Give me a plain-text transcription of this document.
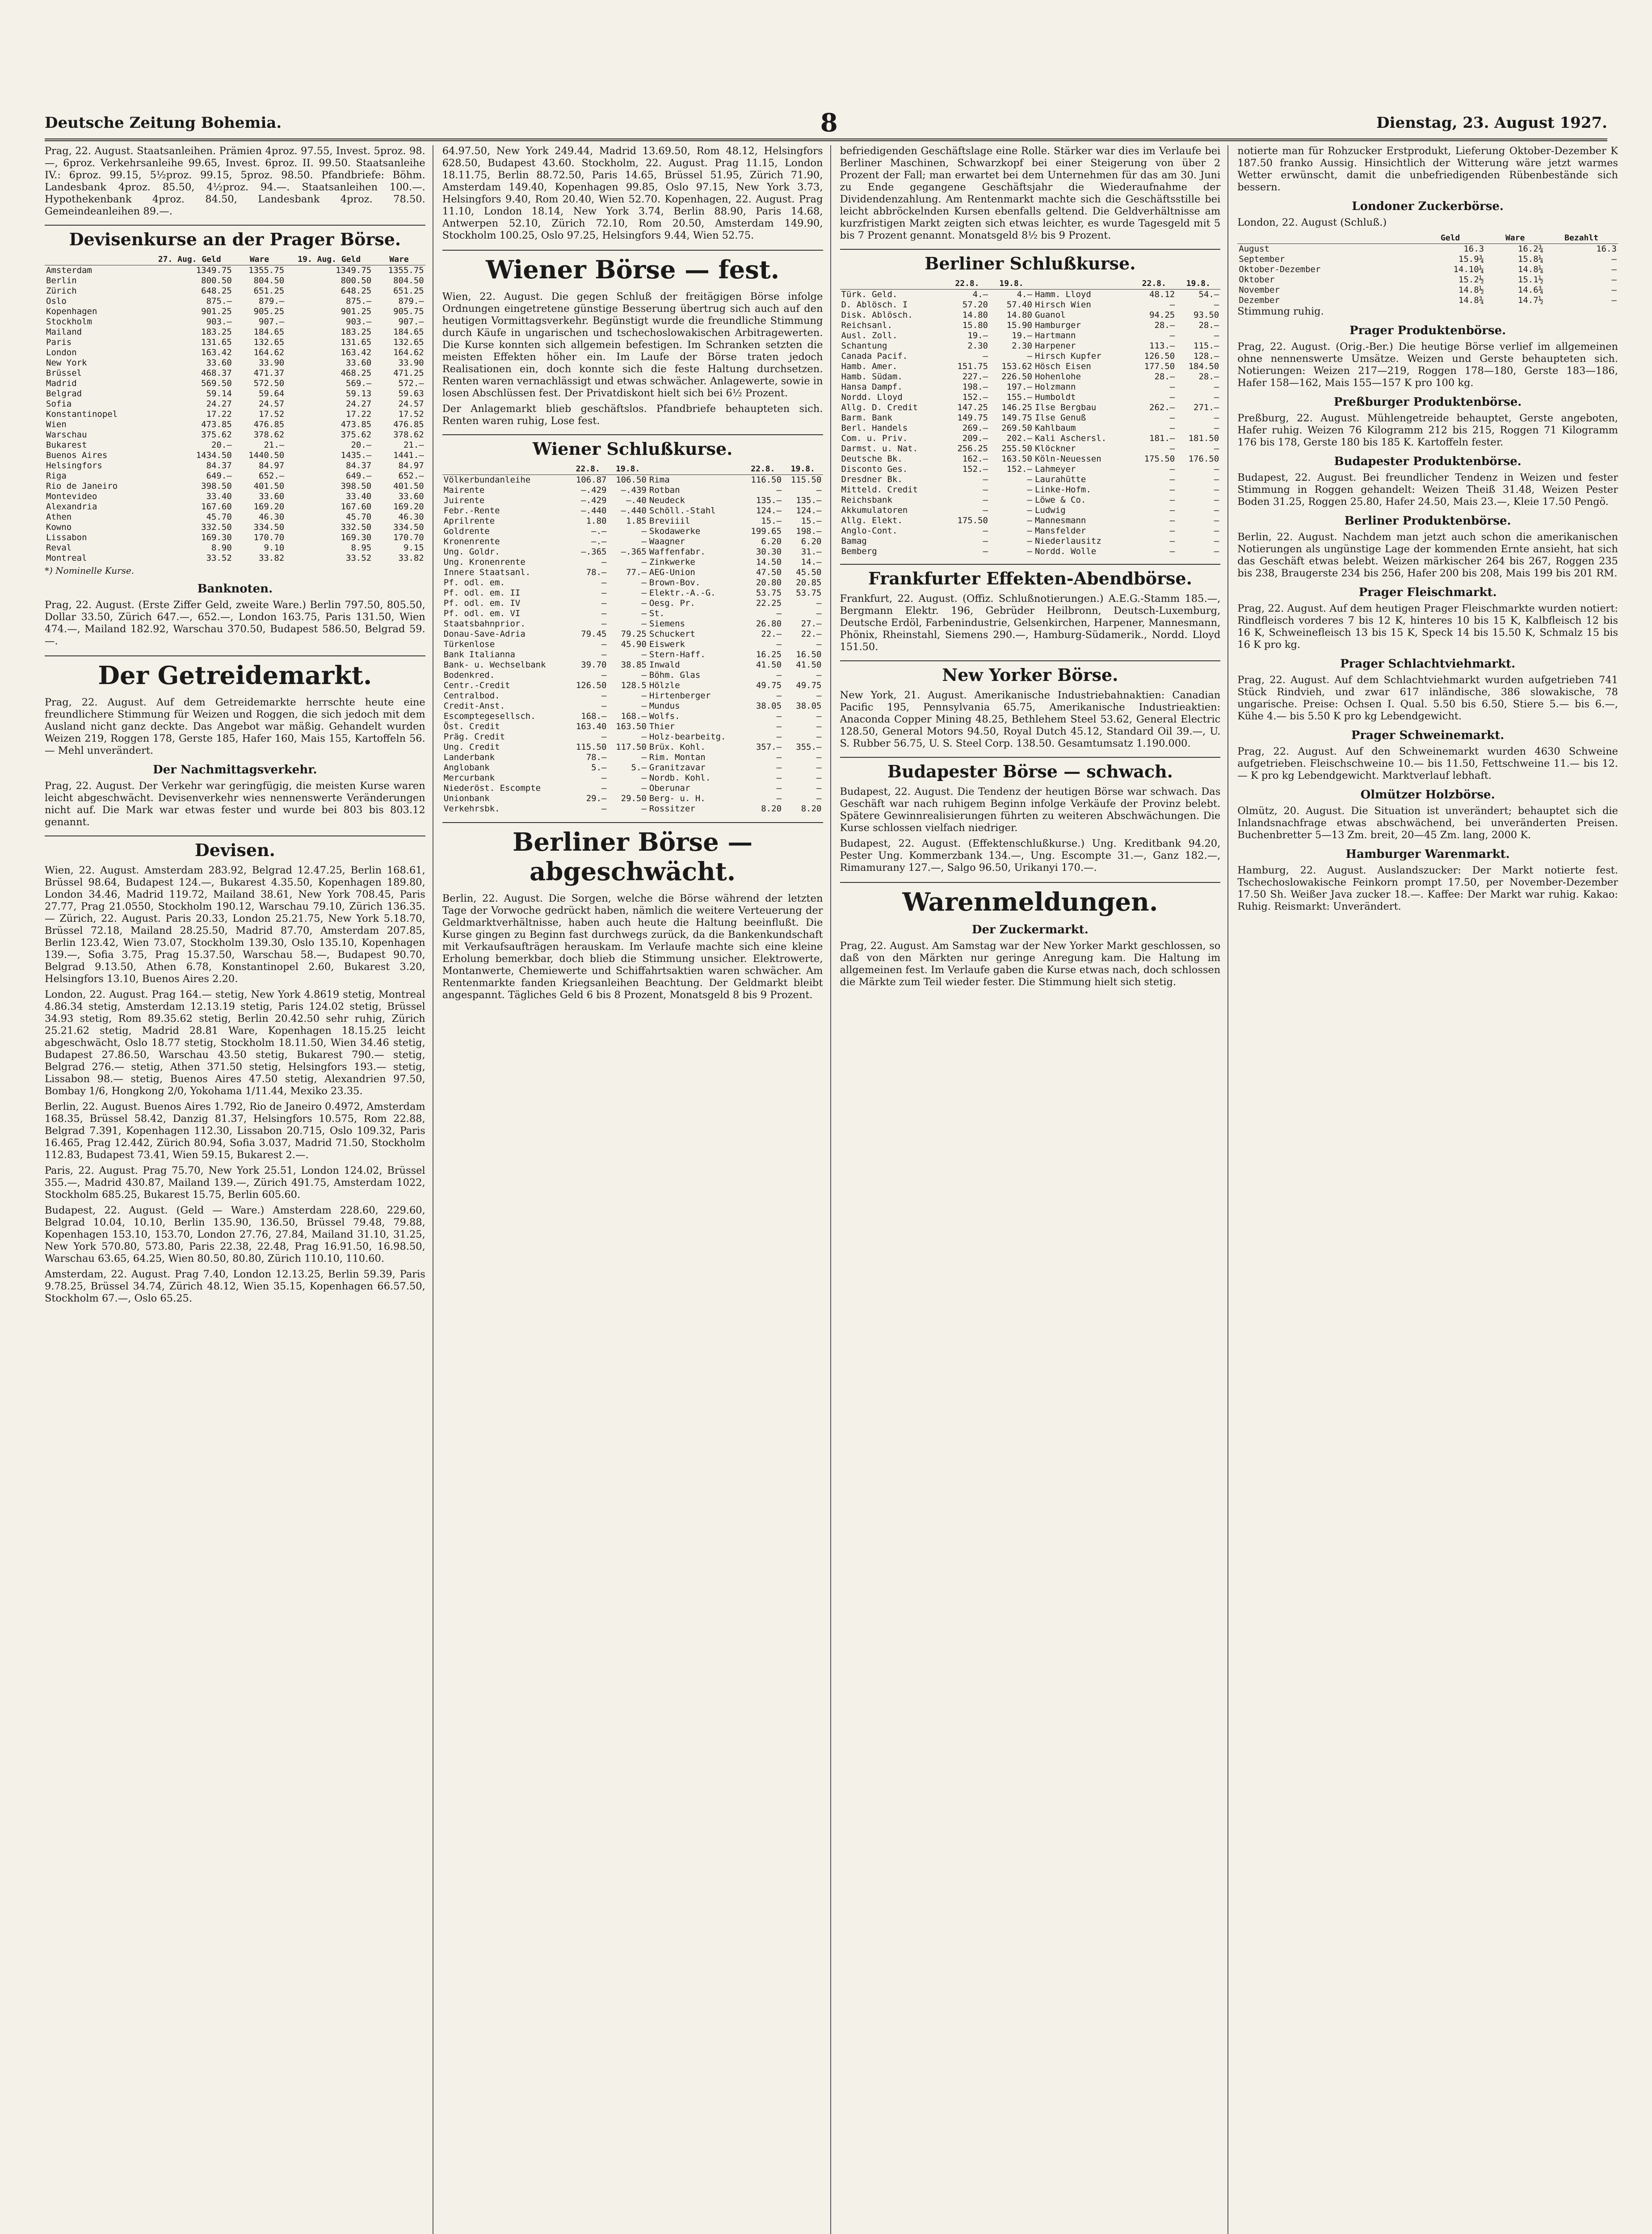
Deutsche Zeitung Bohemia.	8	Dienstag, 23. August 1927.

Prag, 22. August. Staatsanleihen. Prämien 4proz. 97.55, Invest. 5proz. 98.—, 6proz. Verkehrsanleihe 99.65, Invest. 6proz. II. 99.50. Staatsanleihe IV.: 6proz. 99.15, 5½proz. 99.15, 5proz. 98.50. Pfandbriefe: Böhm. Landesbank 4proz. 85.50, 4½proz. 94.—. Staatsanleihen 100.—. Hypothekenbank 4proz. 84.50, Landesbank 4proz. 78.50. Gemeindeanleihen 89.—.

Devisenkurse an der Prager Börse.
	27. Aug. Geld	Ware	19. Aug. Geld	Ware
Amsterdam	1349.75	1355.75	1349.75	1355.75
Berlin	800.50	804.50	800.50	804.50
Zürich	648.25	651.25	648.25	651.25
Oslo	875.—	879.—	875.—	879.—
Kopenhagen	901.25	905.25	901.25	905.75
Stockholm	903.—	907.—	903.—	907.—
Mailand	183.25	184.65	183.25	184.65
Paris	131.65	132.65	131.65	132.65
London	163.42	164.62	163.42	164.62
New York	33.60	33.90	33.60	33.90
Brüssel	468.37	471.37	468.25	471.25
Madrid	569.50	572.50	569.—	572.—
Belgrad	59.14	59.64	59.13	59.63
Sofia	24.27	24.57	24.27	24.57
Konstantinopel	17.22	17.52	17.22	17.52
Wien	473.85	476.85	473.85	476.85
Warschau	375.62	378.62	375.62	378.62
Bukarest	20.—	21.—	20.—	21.—
Buenos Aires	1434.50	1440.50	1435.—	1441.—
Helsingfors	84.37	84.97	84.37	84.97
Riga	649.—	652.—	649.—	652.—
Rio de Janeiro	398.50	401.50	398.50	401.50
Montevideo	33.40	33.60	33.40	33.60
Alexandria	167.60	169.20	167.60	169.20
Athen	45.70	46.30	45.70	46.30
Kowno	332.50	334.50	332.50	334.50
Lissabon	169.30	170.70	169.30	170.70
Reval	8.90	9.10	8.95	9.15
Montreal	33.52	33.82	33.52	33.82
*) Nominelle Kurse.
Banknoten.

Prag, 22. August. (Erste Ziffer Geld, zweite Ware.) Berlin 797.50, 805.50, Dollar 33.50, Zürich 647.—, 652.—, London 163.75, Paris 131.50, Wien 474.—, Mailand 182.92, Warschau 370.50, Budapest 586.50, Belgrad 59.—.

Der Getreidemarkt.

Prag, 22. August. Auf dem Getreidemarkte herrschte heute eine freundlichere Stimmung für Weizen und Roggen, die sich jedoch mit dem Ausland nicht ganz deckte. Das Angebot war mäßig. Gehandelt wurden Weizen 219, Roggen 178, Gerste 185, Hafer 160, Mais 155, Kartoffeln 56. — Mehl unverändert.

Der Nachmittagsverkehr.

Prag, 22. August. Der Verkehr war geringfügig, die meisten Kurse waren leicht abgeschwächt. Devisenverkehr wies nennenswerte Veränderungen nicht auf. Die Mark war etwas fester und wurde bei 803 bis 803.12 genannt.

Devisen.

Wien, 22. August. Amsterdam 283.92, Belgrad 12.47.25, Berlin 168.61, Brüssel 98.64, Budapest 124.—, Bukarest 4.35.50, Kopenhagen 189.80, London 34.46, Madrid 119.72, Mailand 38.61, New York 708.45, Paris 27.77, Prag 21.0550, Stockholm 190.12, Warschau 79.10, Zürich 136.35. — Zürich, 22. August. Paris 20.33, London 25.21.75, New York 5.18.70, Brüssel 72.18, Mailand 28.25.50, Madrid 87.70, Amsterdam 207.85, Berlin 123.42, Wien 73.07, Stockholm 139.30, Oslo 135.10, Kopenhagen 139.—, Sofia 3.75, Prag 15.37.50, Warschau 58.—, Budapest 90.70, Belgrad 9.13.50, Athen 6.78, Konstantinopel 2.60, Bukarest 3.20, Helsingfors 13.10, Buenos Aires 2.20.

London, 22. August. Prag 164.— stetig, New York 4.8619 stetig, Montreal 4.86.34 stetig, Amsterdam 12.13.19 stetig, Paris 124.02 stetig, Brüssel 34.93 stetig, Rom 89.35.62 stetig, Berlin 20.42.50 sehr ruhig, Zürich 25.21.62 stetig, Madrid 28.81 Ware, Kopenhagen 18.15.25 leicht abgeschwächt, Oslo 18.77 stetig, Stockholm 18.11.50, Wien 34.46 stetig, Budapest 27.86.50, Warschau 43.50 stetig, Bukarest 790.— stetig, Belgrad 276.— stetig, Athen 371.50 stetig, Helsingfors 193.— stetig, Lissabon 98.— stetig, Buenos Aires 47.50 stetig, Alexandrien 97.50, Bombay 1/6, Hongkong 2/0, Yokohama 1/11.44, Mexiko 23.35.

Berlin, 22. August. Buenos Aires 1.792, Rio de Janeiro 0.4972, Amsterdam 168.35, Brüssel 58.42, Danzig 81.37, Helsingfors 10.575, Rom 22.88, Belgrad 7.391, Kopenhagen 112.30, Lissabon 20.715, Oslo 109.32, Paris 16.465, Prag 12.442, Zürich 80.94, Sofia 3.037, Madrid 71.50, Stockholm 112.83, Budapest 73.41, Wien 59.15, Bukarest 2.—.

Paris, 22. August. Prag 75.70, New York 25.51, London 124.02, Brüssel 355.—, Madrid 430.87, Mailand 139.—, Zürich 491.75, Amsterdam 1022, Stockholm 685.25, Bukarest 15.75, Berlin 605.60.

Budapest, 22. August. (Geld — Ware.) Amsterdam 228.60, 229.60, Belgrad 10.04, 10.10, Berlin 135.90, 136.50, Brüssel 79.48, 79.88, Kopenhagen 153.10, 153.70, London 27.76, 27.84, Mailand 31.10, 31.25, New York 570.80, 573.80, Paris 22.38, 22.48, Prag 16.91.50, 16.98.50, Warschau 63.65, 64.25, Wien 80.50, 80.80, Zürich 110.10, 110.60.

Amsterdam, 22. August. Prag 7.40, London 12.13.25, Berlin 59.39, Paris 9.78.25, Brüssel 34.74, Zürich 48.12, Wien 35.15, Kopenhagen 66.57.50, Stockholm 67.—, Oslo 65.25.

64.97.50, New York 249.44, Madrid 13.69.50, Rom 48.12, Helsingfors 628.50, Budapest 43.60. Stockholm, 22. August. Prag 11.15, London 18.11.75, Berlin 88.72.50, Paris 14.65, Brüssel 51.95, Zürich 71.90, Amsterdam 149.40, Kopenhagen 99.85, Oslo 97.15, New York 3.73, Helsingfors 9.40, Rom 20.40, Wien 52.70. Kopenhagen, 22. August. Prag 11.10, London 18.14, New York 3.74, Berlin 88.90, Paris 14.68, Antwerpen 52.10, Zürich 72.10, Rom 20.50, Amsterdam 149.90, Stockholm 100.25, Oslo 97.25, Helsingfors 9.44, Wien 52.75.

Wiener Börse — fest.

Wien, 22. August. Die gegen Schluß der freitägigen Börse infolge Ordnungen eingetretene günstige Besserung übertrug sich auch auf den heutigen Vormittagsverkehr. Begünstigt wurde die freundliche Stimmung durch Käufe in ungarischen und tschechoslowakischen Arbitragewerten. Die Kurse konnten sich allgemein befestigen. Im Schranken setzten die meisten Effekten höher ein. Im Laufe der Börse traten jedoch Realisationen ein, doch konnte sich die feste Haltung durchsetzen. Renten waren vernachlässigt und etwas schwächer. Anlagewerte, sowie in losen Abschlüssen fest. Der Privatdiskont hielt sich bei 6½ Prozent.

Der Anlagemarkt blieb geschäftslos. Pfandbriefe behaupteten sich. Renten waren ruhig, Lose fest.

Wiener Schlußkurse.
	22.8.	19.8.		22.8.	19.8.
Völkerbundanleihe	106.87	106.50	Rima	116.50	115.50
Mairente	—.429	—.439	Rotban	—	—
Juirente	—.429	—.40	Neudeck	135.—	135.—
Febr.-Rente	—.440	—.440	Schöll.-Stahl	124.—	124.—
Aprilrente	1.80	1.85	Breviiil	15.—	15.—
Goldrente	—.—	—	Skodawerke	199.65	198.—
Kronenrente	—.—	—	Waagner	6.20	6.20
Ung. Goldr.	—.365	—.365	Waffenfabr.	30.30	31.—
Ung. Kronenrente	—	—	Zinkwerke	14.50	14.—
Innere Staatsanl.	78.—	77.—	AEG-Union	47.50	45.50
Pf. odl. em.	—	—	Brown-Bov.	20.80	20.85
Pf. odl. em. II	—	—	Elektr.-A.-G.	53.75	53.75
Pf. odl. em. IV	—	—	Oesg. Pr.	22.25	—
Pf. odl. em. VI	—	—	St.	—	—
Staatsbahnprior.	—	—	Siemens	26.80	27.—
Donau-Save-Adria	79.45	79.25	Schuckert	22.—	22.—
Türkenlose	—	45.90	Eiswerk	—	—
Bank Italianna	—	—	Stern-Haff.	16.25	16.50
Bank- u. Wechselbank	39.70	38.85	Inwald	41.50	41.50
Bodenkred.	—	—	Böhm. Glas	—	—
Centr.-Credit	126.50	128.5	Hölzle	49.75	49.75
Centralbod.	—	—	Hirtenberger	—	—
Credit-Anst.	—	—	Mundus	38.05	38.05
Escomptegesellsch.	168.—	168.—	Wolfs.	—	—
Öst. Credit	163.40	163.50	Thier	—	—
Präg. Credit	—	—	Holz-bearbeitg.	—	—
Ung. Credit	115.50	117.50	Brüx. Kohl.	357.—	355.—
Landerbank	78.—	—	Rim. Montan	—	—
Anglobank	5.—	5.—	Granitzavar	—	—
Mercurbank	—	—	Nordb. Kohl.	—	—
Niederöst. Escompte	—	—	Oberunar	—	—
Unionbank	29.—	29.50	Berg- u. H.	—	—
Verkehrsbk.	—	—	Rossitzer	8.20	8.20
Berliner Börse — abgeschwächt.

Berlin, 22. August. Die Sorgen, welche die Börse während der letzten Tage der Vorwoche gedrückt haben, nämlich die weitere Verteuerung der Geldmarktverhältnisse, haben auch heute die Haltung beeinflußt. Die Kurse gingen zu Beginn fast durchwegs zurück, da die Bankenkundschaft mit Verkaufsaufträgen herauskam. Im Verlaufe machte sich eine kleine Erholung bemerkbar, doch blieb die Stimmung unsicher. Elektrowerte, Montanwerte, Chemiewerte und Schiffahrtsaktien waren schwächer. Am Rentenmarkte fanden Kriegsanleihen Beachtung. Der Geldmarkt bleibt angespannt. Tägliches Geld 6 bis 8 Prozent, Monatsgeld 8 bis 9 Prozent.

befriedigenden Geschäftslage eine Rolle. Stärker war dies im Verlaufe bei Berliner Maschinen, Schwarzkopf bei einer Steigerung von über 2 Prozent der Fall; man erwartet bei dem Unternehmen für das am 30. Juni zu Ende gegangene Geschäftsjahr die Wiederaufnahme der Dividendenzahlung. Am Rentenmarkt machte sich die Geschäftsstille bei leicht abbröckelnden Kursen ebenfalls geltend. Die Geldverhältnisse am kurzfristigen Markt zeigten sich etwas leichter, es wurde Tagesgeld mit 5 bis 7 Prozent genannt. Monatsgeld 8½ bis 9 Prozent.

Berliner Schlußkurse.
	22.8.	19.8.		22.8.	19.8.
Türk. Geld.	4.—	4.—	Hamm. Lloyd	48.12	54.—
D. Ablösch. I	57.20	57.40	Hirsch Wien	—	—
Disk. Ablösch.	14.80	14.80	Guanol	94.25	93.50
Reichsanl.	15.80	15.90	Hamburger	28.—	28.—
Ausl. Zoll.	19.—	19.—	Hartmann	—	—
Schantung	2.30	2.30	Harpener	113.—	115.—
Canada Pacif.	—	—	Hirsch Kupfer	126.50	128.—
Hamb. Amer.	151.75	153.62	Hösch Eisen	177.50	184.50
Hamb. Südam.	227.—	226.50	Hohenlohe	28.—	28.—
Hansa Dampf.	198.—	197.—	Holzmann	—	—
Nordd. Lloyd	152.—	155.—	Humboldt	—	—
Allg. D. Credit	147.25	146.25	Ilse Bergbau	262.—	271.—
Barm. Bank	149.75	149.75	Ilse Genuß	—	—
Berl. Handels	269.—	269.50	Kahlbaum	—	—
Com. u. Priv.	209.—	202.—	Kali Aschersl.	181.—	181.50
Darmst. u. Nat.	256.25	255.50	Klöckner	—	—
Deutsche Bk.	162.—	163.50	Köln-Neuessen	175.50	176.50
Disconto Ges.	152.—	152.—	Lahmeyer	—	—
Dresdner Bk.	—	—	Laurahütte	—	—
Mitteld. Credit	—	—	Linke-Hofm.	—	—
Reichsbank	—	—	Löwe & Co.	—	—
Akkumulatoren	—	—	Ludwig	—	—
Allg. Elekt.	175.50	—	Mannesmann	—	—
Anglo-Cont.	—	—	Mansfelder	—	—
Bamag	—	—	Niederlausitz	—	—
Bemberg	—	—	Nordd. Wolle	—	—
Frankfurter Effekten-Abendbörse.

Frankfurt, 22. August. (Offiz. Schlußnotierungen.) A.E.G.-Stamm 185.—, Bergmann Elektr. 196, Gebrüder Heilbronn, Deutsch-Luxemburg, Deutsche Erdöl, Farbenindustrie, Gelsenkirchen, Harpener, Mannesmann, Phönix, Rheinstahl, Siemens 290.—, Hamburg-Südamerik., Nordd. Lloyd 151.50.

New Yorker Börse.

New York, 21. August. Amerikanische Industriebahnaktien: Canadian Pacific 195, Pennsylvania 65.75, Amerikanische Industrieaktien: Anaconda Copper Mining 48.25, Bethlehem Steel 53.62, General Electric 128.50, General Motors 94.50, Royal Dutch 45.12, Standard Oil 39.—, U. S. Rubber 56.75, U. S. Steel Corp. 138.50. Gesamtumsatz 1.190.000.

Budapester Börse — schwach.

Budapest, 22. August. Die Tendenz der heutigen Börse war schwach. Das Geschäft war nach ruhigem Beginn infolge Verkäufe der Provinz belebt. Spätere Gewinnrealisierungen führten zu weiteren Abschwächungen. Die Kurse schlossen vielfach niedriger.

Budapest, 22. August. (Effektenschlußkurse.) Ung. Kreditbank 94.20, Pester Ung. Kommerzbank 134.—, Ung. Escompte 31.—, Ganz 182.—, Rimamurany 127.—, Salgo 96.50, Urikanyi 170.—.

Warenmeldungen.
Der Zuckermarkt.

Prag, 22. August. Am Samstag war der New Yorker Markt geschlossen, so daß von den Märkten nur geringe Anregung kam. Die Haltung im allgemeinen fest. Im Verlaufe gaben die Kurse etwas nach, doch schlossen die Märkte zum Teil wieder fester. Die Stimmung hielt sich stetig.

notierte man für Rohzucker Erstprodukt, Lieferung Oktober-Dezember K 187.50 franko Aussig. Hinsichtlich der Witterung wäre jetzt warmes Wetter erwünscht, damit die unbefriedigenden Rübenbestände sich bessern.

Londoner Zuckerbörse.
London, 22. August (Schluß.)
	Geld	Ware	Bezahlt
August	16.3	16.2¾	16.3
September	15.9¾	15.8¼	—
Oktober-Dezember	14.10¼	14.8¼	—
Oktober	15.2½	15.1½	—
November	14.8½	14.6¾	—
Dezember	14.8¾	14.7½	—
Stimmung ruhig.
Prager Produktenbörse.

Prag, 22. August. (Orig.-Ber.) Die heutige Börse verlief im allgemeinen ohne nennenswerte Umsätze. Weizen und Gerste behaupteten sich. Notierungen: Weizen 217—219, Roggen 178—180, Gerste 183—186, Hafer 158—162, Mais 155—157 K pro 100 kg.

Preßburger Produktenbörse.

Preßburg, 22. August. Mühlengetreide behauptet, Gerste angeboten, Hafer ruhig. Weizen 76 Kilogramm 212 bis 215, Roggen 71 Kilogramm 176 bis 178, Gerste 180 bis 185 K. Kartoffeln fester.

Budapester Produktenbörse.

Budapest, 22. August. Bei freundlicher Tendenz in Weizen und fester Stimmung in Roggen gehandelt: Weizen Theiß 31.48, Weizen Pester Boden 31.25, Roggen 25.80, Hafer 24.50, Mais 23.—, Kleie 17.50 Pengö.

Berliner Produktenbörse.

Berlin, 22. August. Nachdem man jetzt auch schon die amerikanischen Notierungen als ungünstige Lage der kommenden Ernte ansieht, hat sich das Geschäft etwas belebt. Weizen märkischer 264 bis 267, Roggen 235 bis 238, Braugerste 234 bis 256, Hafer 200 bis 208, Mais 199 bis 201 RM.

Prager Fleischmarkt.

Prag, 22. August. Auf dem heutigen Prager Fleischmarkte wurden notiert: Rindfleisch vorderes 7 bis 12 K, hinteres 10 bis 15 K, Kalbfleisch 12 bis 16 K, Schweinefleisch 13 bis 15 K, Speck 14 bis 15.50 K, Schmalz 15 bis 16 K pro kg.

Prager Schlachtviehmarkt.

Prag, 22. August. Auf dem Schlachtviehmarkt wurden aufgetrieben 741 Stück Rindvieh, und zwar 617 inländische, 386 slowakische, 78 ungarische. Preise: Ochsen I. Qual. 5.50 bis 6.50, Stiere 5.— bis 6.—, Kühe 4.— bis 5.50 K pro kg Lebendgewicht.

Prager Schweinemarkt.

Prag, 22. August. Auf den Schweinemarkt wurden 4630 Schweine aufgetrieben. Fleischschweine 10.— bis 11.50, Fettschweine 11.— bis 12.— K pro kg Lebendgewicht. Marktverlauf lebhaft.

Olmützer Holzbörse.

Olmütz, 20. August. Die Situation ist unverändert; behauptet sich die Inlandsnachfrage etwas abschwächend, bei unveränderten Preisen. Buchenbretter 5—13 Zm. breit, 20—45 Zm. lang, 2000 K.

Hamburger Warenmarkt.

Hamburg, 22. August. Auslandszucker: Der Markt notierte fest. Tschechoslowakische Feinkorn prompt 17.50, per November-Dezember 17.50 Sh. Weißer Java zucker 18.—. Kaffee: Der Markt war ruhig. Kakao: Ruhig. Reismarkt: Unverändert.
